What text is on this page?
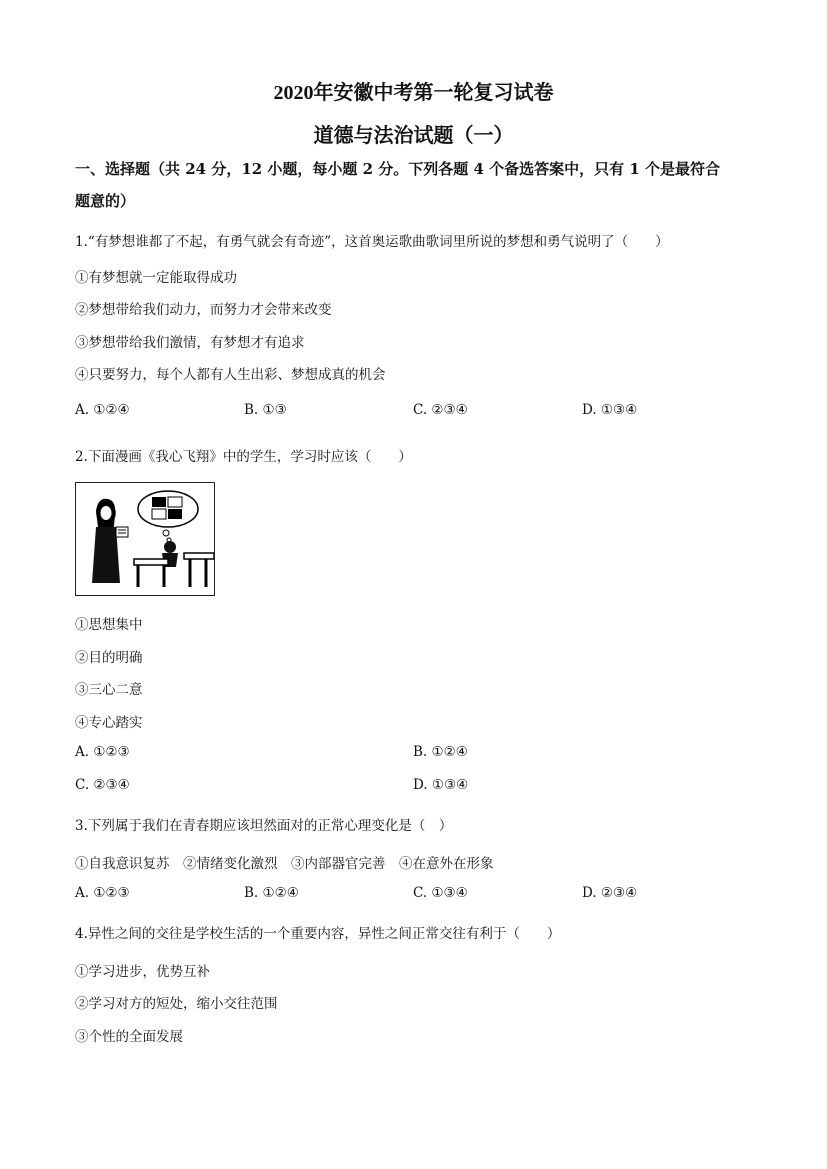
2020年安徽中考第一轮复习试卷
道德与法治试题（一）
一、选择题（共 24 分，12 小题，每小题 2 分。下列各题 4 个备选答案中，只有 1 个是最符合
题意的）
1.“有梦想谁都了不起，有勇气就会有奇迹”，这首奥运歌曲歌词里所说的梦想和勇气说明了（　　）
①有梦想就一定能取得成功
②梦想带给我们动力，而努力才会带来改变
③梦想带给我们激情，有梦想才有追求
④只要努力，每个人都有人生出彩、梦想成真的机会
A. ①②④	B. ①③	C. ②③④	D. ①③④
2.下面漫画《我心飞翔》中的学生，学习时应该（　　）
①思想集中
②目的明确
③三心二意
④专心踏实
A. ①②③	B. ①②④
C. ②③④	D. ①③④
3.下列属于我们在青春期应该坦然面对的正常心理变化是（　）
①自我意识复苏　②情绪变化激烈　③内部器官完善　④在意外在形象
A. ①②③	B. ①②④	C. ①③④	D. ②③④
4.异性之间的交往是学校生活的一个重要内容，异性之间正常交往有利于（　　）
①学习进步，优势互补
②学习对方的短处，缩小交往范围
③个性的全面发展
